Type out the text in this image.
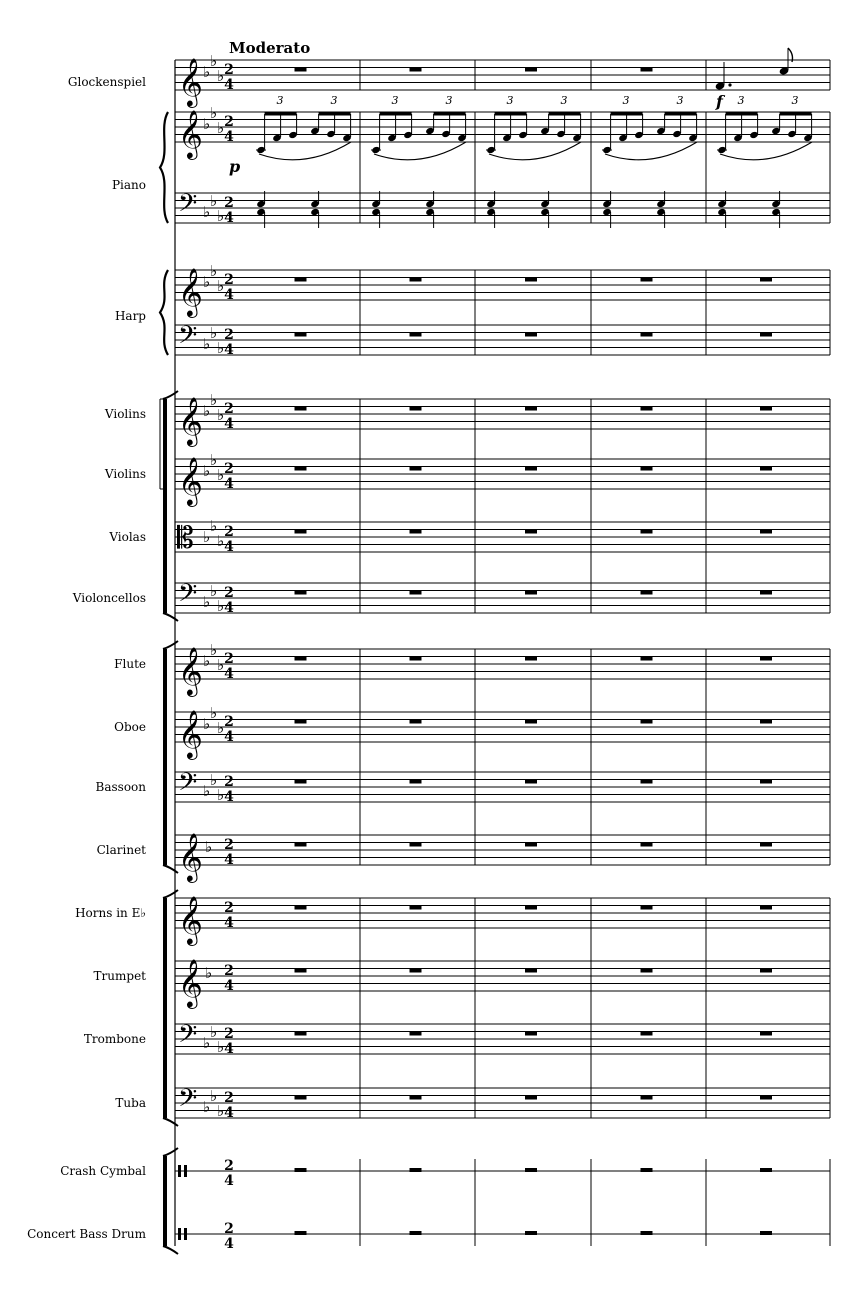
Moderato
Glockenspiel
Piano
Harp
Violins
Violins
Violas
Violoncellos
Flute
Oboe
Bassoon
Clarinet
Horns in E♭
Trumpet
Trombone
Tuba
Crash Cymbal
Concert Bass Drum
𝄞 ♭
♭
♭ 2
4
𝄞 ♭
♭
♭ 2
4
𝄢 ♭
♭
♭
2
4
𝄞 ♭
♭
♭ 2
4
𝄢 ♭
♭
♭
2
4
𝄞 ♭
♭
♭ 2
4
𝄞 ♭
♭
♭ 2
4
𝄡 ♭
♭
♭ 2
4
𝄢 ♭
♭
♭
2
4
𝄞 ♭
♭
♭ 2
4
𝄞 ♭
♭
♭ 2
4
𝄢 ♭
♭
♭
2
4
𝄞 ♭ 2
4
𝄞 2
4
𝄞 ♭ 2
4
𝄢 ♭
♭
♭
2
4
𝄢 ♭
♭
♭
2
4
2
4
2
4
f
3	3	3	3	3	3	3	3	3	3
p
